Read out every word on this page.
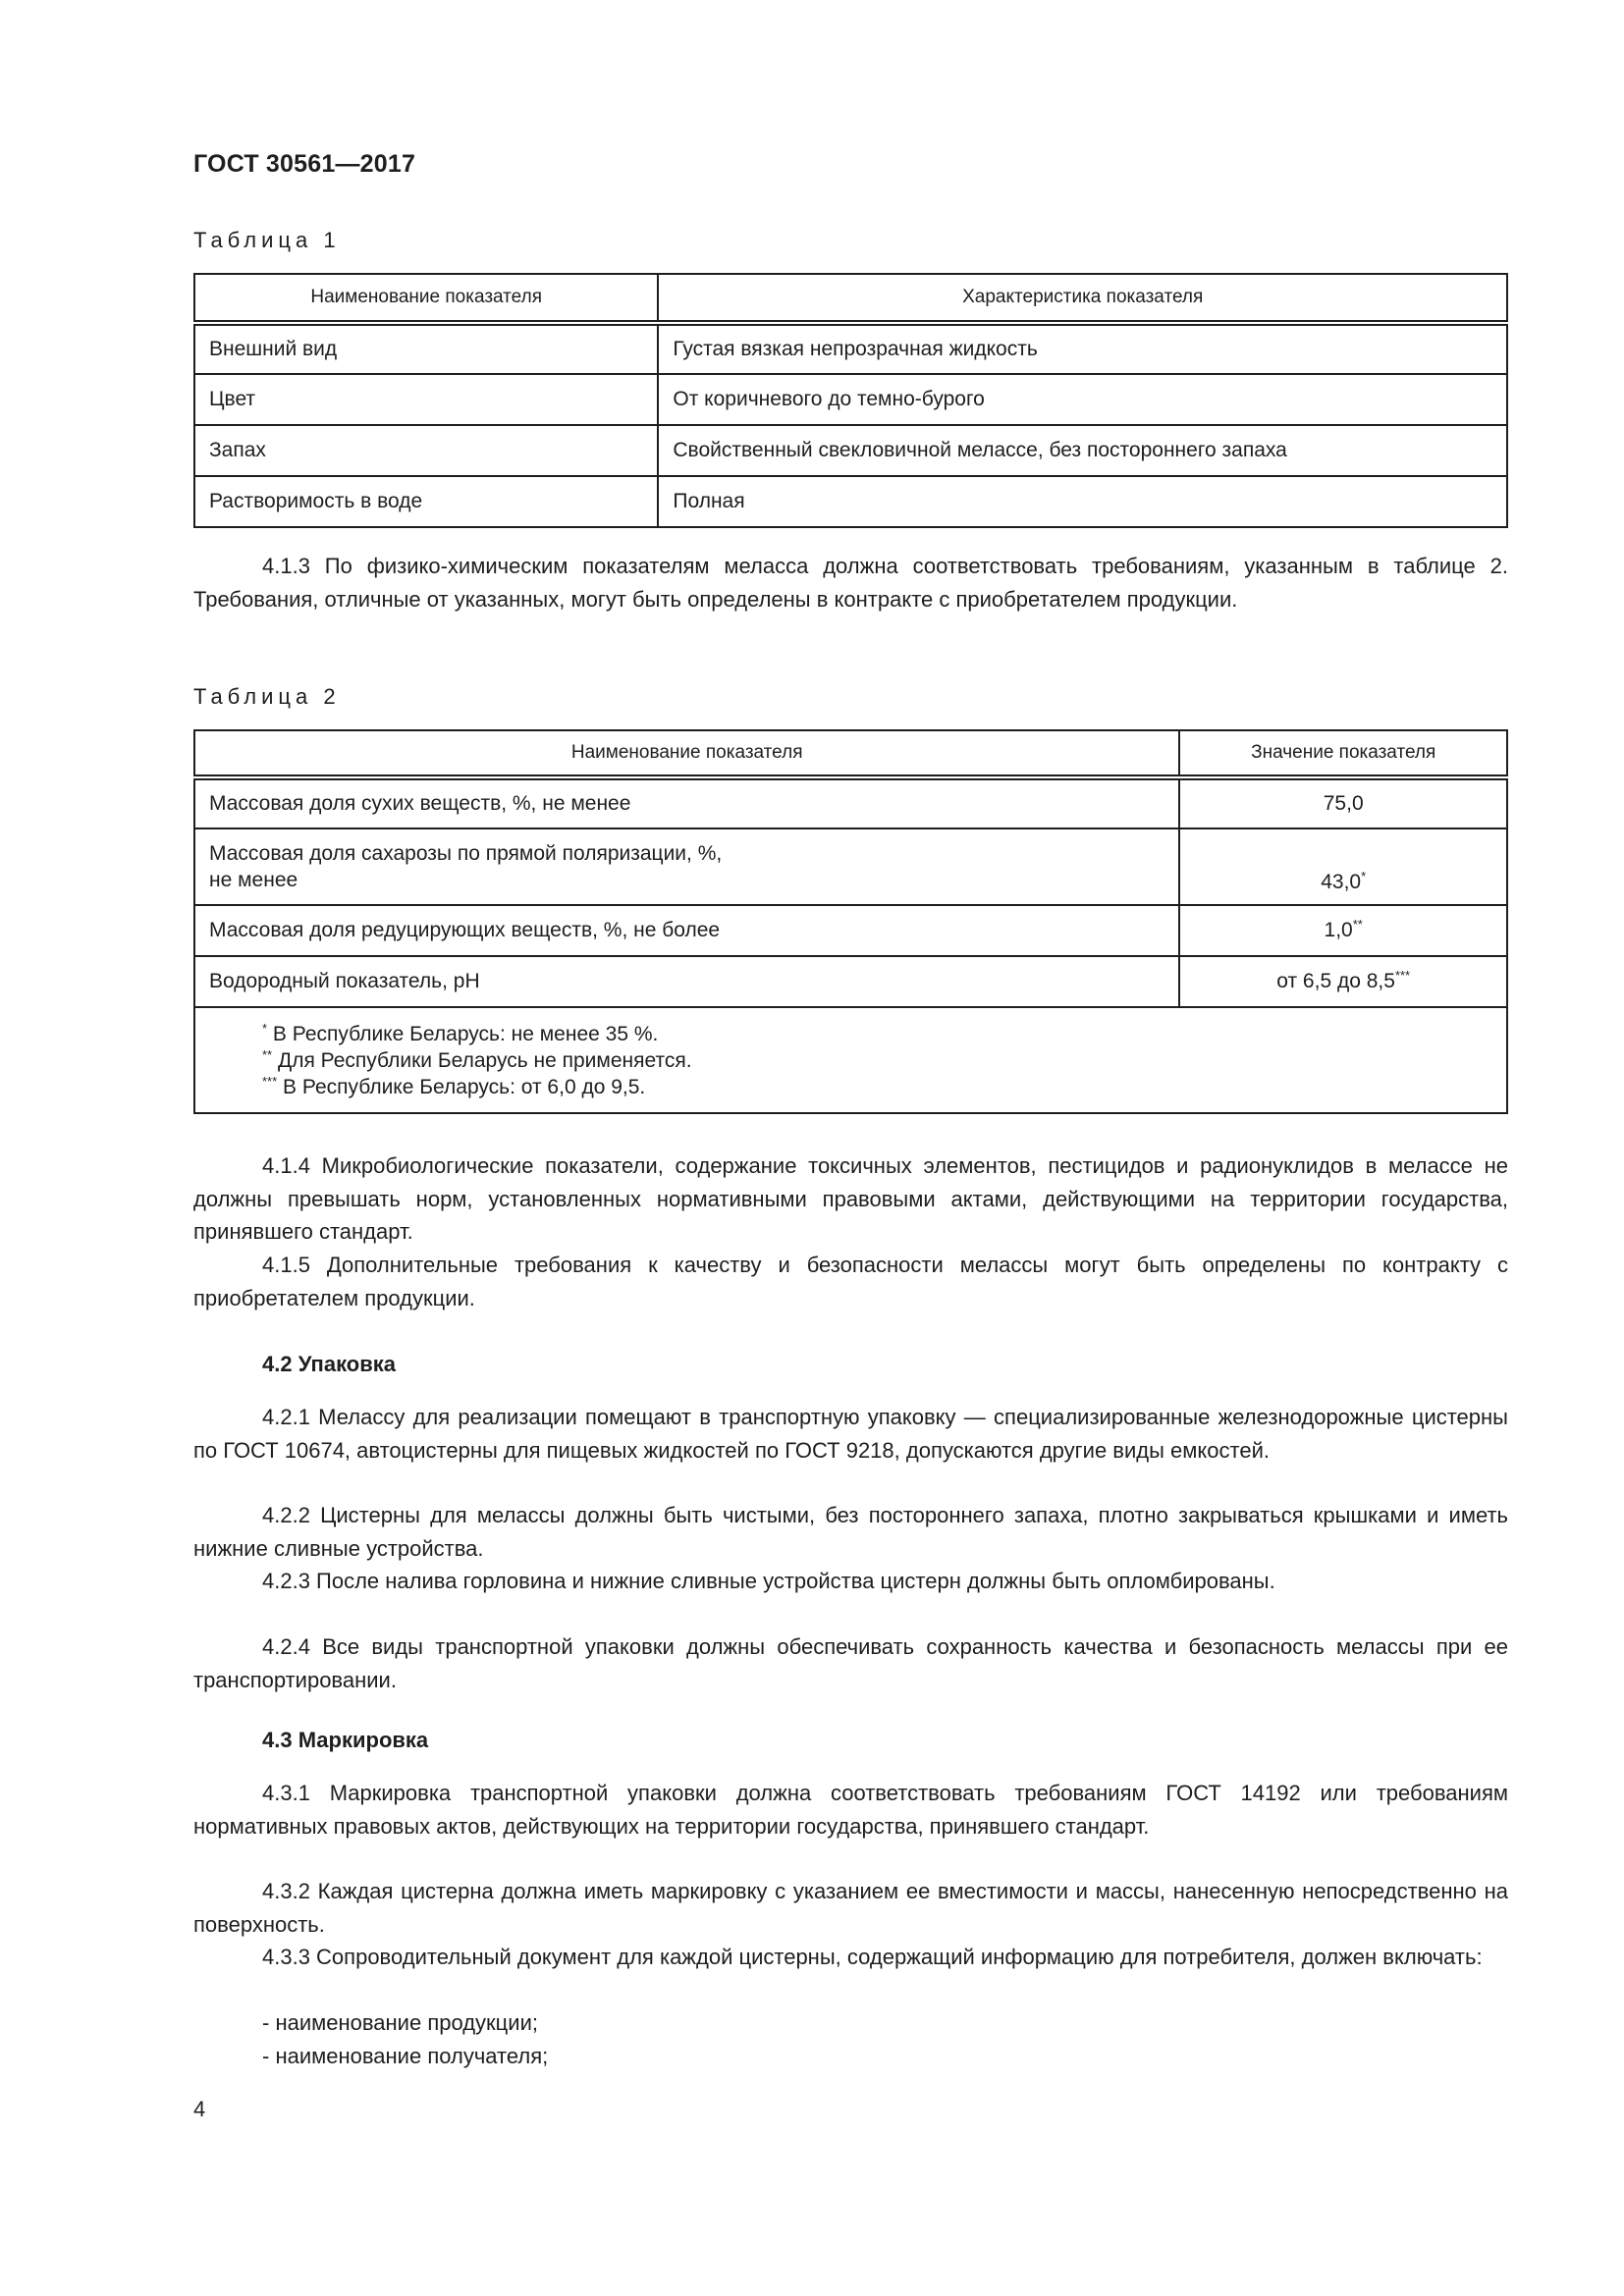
ГОСТ 30561—2017
Таблица 1
Наименование показателя	Характеристика показателя
Внешний вид	Густая вязкая непрозрачная жидкость
Цвет	От коричневого до темно-бурого
Запах	Свойственный свекловичной мелассе, без постороннего запаха
Растворимость в воде	Полная
4.1.3 По физико-химическим показателям меласса должна соответствовать требованиям, указанным в таблице 2. Требования, отличные от указанных, могут быть определены в контракте с приобретателем продукции.
Таблица 2
Наименование показателя	Значение показателя
Массовая доля сухих веществ, %, не менее	75,0

Массовая доля сахарозы по прямой поляризации, %,
не менее	43,0*
Массовая доля редуцирующих веществ, %, не более	1,0**
Водородный показатель, pH	от 6,5 до 8,5***

* В Республике Беларусь: не менее 35 %.
** Для Республики Беларусь не применяется.
*** В Республике Беларусь: от 6,0 до 9,5.	
4.1.4 Микробиологические показатели, содержание токсичных элементов, пестицидов и радионуклидов в мелассе не должны превышать норм, установленных нормативными правовыми актами, действующими на территории государства, принявшего стандарт.
4.1.5 Дополнительные требования к качеству и безопасности мелассы могут быть определены по контракту с приобретателем продукции.
4.2 Упаковка
4.2.1 Мелассу для реализации помещают в транспортную упаковку — специализированные железнодорожные цистерны по ГОСТ 10674, автоцистерны для пищевых жидкостей по ГОСТ 9218, допускаются другие виды емкостей.
4.2.2 Цистерны для мелассы должны быть чистыми, без постороннего запаха, плотно закрываться крышками и иметь нижние сливные устройства.
4.2.3 После налива горловина и нижние сливные устройства цистерн должны быть опломбированы.
4.2.4 Все виды транспортной упаковки должны обеспечивать сохранность качества и безопасность мелассы при ее транспортировании.
4.3 Маркировка
4.3.1 Маркировка транспортной упаковки должна соответствовать требованиям ГОСТ 14192 или требованиям нормативных правовых актов, действующих на территории государства, принявшего стандарт.
4.3.2 Каждая цистерна должна иметь маркировку с указанием ее вместимости и массы, нанесенную непосредственно на поверхность.
4.3.3 Сопроводительный документ для каждой цистерны, содержащий информацию для потребителя, должен включать:
- наименование продукции;
- наименование получателя;
4
